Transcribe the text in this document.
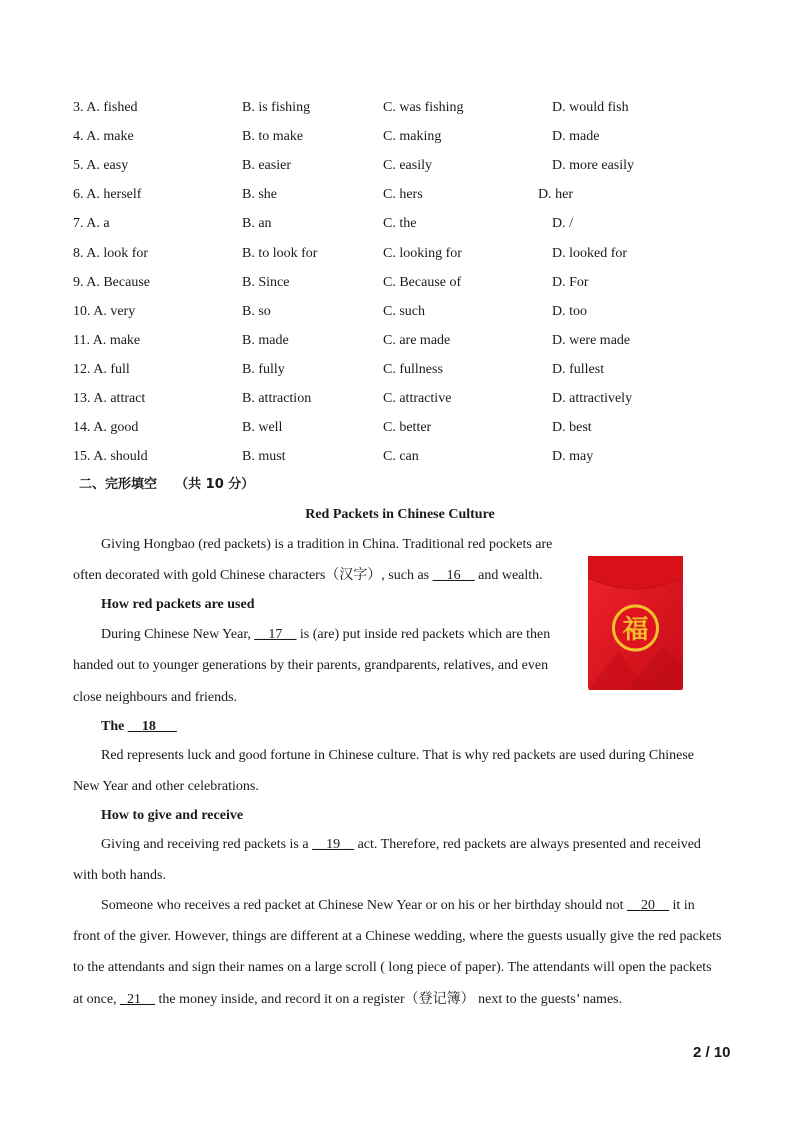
3. A. fished	B. is fishing	C. was fishing	D. would fish
4. A. make	B. to make	C. making	D. made
5. A. easy	B. easier	C. easily	D. more easily
6. A. herself	B. she	C. hers	D. her
7. A. a	B. an	C. the	D. /
8. A. look for	B. to look for	C. looking for	D. looked for
9. A. Because	B. Since	C. Because of	D. For
10. A. very	B. so	C. such	D. too
11. A. make	B. made	C. are made	D. were made
12. A. full	B. fully	C. fullness	D. fullest
13. A. attract	B. attraction	C. attractive	D. attractively
14. A. good	B. well	C. better	D. best
15. A. should	B. must	C. can	D. may
二、完形填空 （共 10 分）
Red Packets in Chinese Culture
Giving Hongbao (red packets) is a tradition in China. Traditional red pockets are
often decorated with gold Chinese characters（汉字）, such as __16__ and wealth.
How red packets are used
During Chinese New Year, __17__ is (are) put inside red packets which are then
handed out to younger generations by their parents, grandparents, relatives, and even
close neighbours and friends.
The __18___
Red represents luck and good fortune in Chinese culture. That is why red packets are used during Chinese
New Year and other celebrations.
How to give and receive
Giving and receiving red packets is a __19__ act. Therefore, red packets are always presented and received
with both hands.
Someone who receives a red packet at Chinese New Year or on his or her birthday should not __20__ it in
front of the giver. However, things are different at a Chinese wedding, where the guests usually give the red packets
to the attendants and sign their names on a large scroll ( long piece of paper). The attendants will open the packets
at once, _21__ the money inside, and record it on a register（登记簿） next to the guests’ names.
福
2 / 10
